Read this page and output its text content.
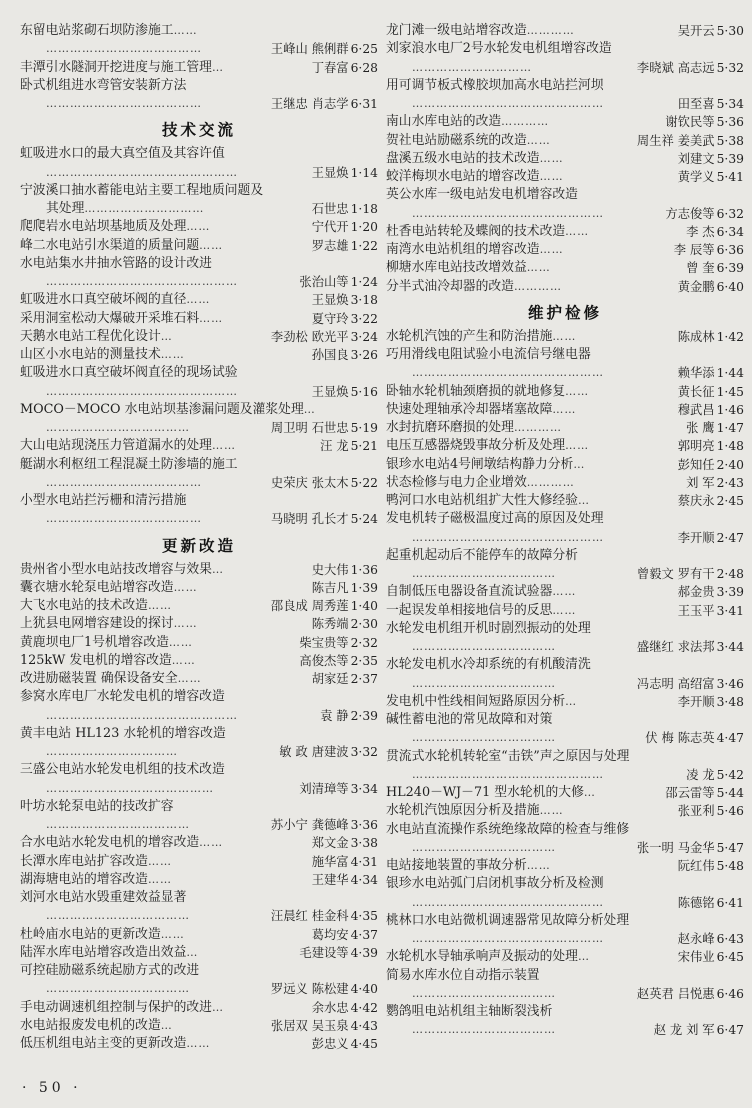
东留电站浆砌石坝防渗施工……
…………………………………	王峰山 熊俐群 6·25
丰潭引水隧洞开挖进度与施工管理…	丁春富 6·28
卧式机组进水弯管安装新方法
…………………………………	王继忠 肖志学 6·31
技术交流
虹吸进水口的最大真空值及其容许值
…………………………………………	王显焕 1·14
宁波溪口抽水蓄能电站主要工程地质问题及
其处理…………………………	石世忠 1·18
爬爬岩水电站坝基地质及处理……	宁代开 1·20
峰二水电站引水渠道的质量问题……	罗志雄 1·22
水电站集水井抽水管路的设计改进
…………………………………………	张治山等 1·24
虹吸进水口真空破坏阀的直径……	王显焕 3·18
采用洞室松动大爆破开采堆石料……	夏守玲 3·22
天鹅水电站工程优化设计…	李劲松 欧光平 3·24
山区小水电站的测量技术……	孙国良 3·26
虹吸进水口真空破坏阀直径的现场试验
…………………………………………	王显焕 5·16
MOCO－MOCO 水电站坝基渗漏问题及灌浆处理…
………………………………	周卫明 石世忠 5·19
大山电站现浇压力管道漏水的处理……	汪 龙 5·21
艇湖水利枢纽工程混凝土防渗墙的施工
…………………………………	史荣庆 张太木 5·22
小型水电站拦污栅和清污措施
…………………………………	马晓明 孔长才 5·24
更新改造
贵州省小型水电站技改增容与效果…	史大伟 1·36
囊衣塘水轮泵电站增容改造……	陈吉凡 1·39
大飞水电站的技术改造……	邵良成 周秀莲 1·40
上犹县电网增容建设的探讨……	陈秀端 2·30
黄鹿坝电厂1号机增容改造……	柴宝贵等 2·32
125kW 发电机的增容改造……	高俊杰等 2·35
改进励磁装置 确保设备安全……	胡家廷 2·37
参窝水库电厂水轮发电机的增容改造
…………………………………………	袁 静 2·39
黄丰电站 HL123 水轮机的增容改造
……………………………	敏 政 唐建波 3·32
三盛公电站水轮发电机组的技术改造
……………………………………	刘清璋等 3·34
叶坊水轮泵电站的技改扩容
………………………………	苏小宁 龚德峰 3·36
合水电站水轮发电机的增容改造……	郑文金 3·38
长潭水库电站扩容改造……	施华富 4·31
湖海塘电站的增容改造……	王建华 4·34
刘河水电站水毁重建效益显著
………………………………	汪晨红 桂金科 4·35
杜岭庙水电站的更新改造……	葛均安 4·37
陆浑水库电站增容改造出效益…	毛建设等 4·39
可控硅励磁系统起励方式的改进
………………………………	罗远义 陈松建 4·40
手电动调速机组控制与保护的改进…	余水忠 4·42
水电站报废发电机的改造…	张居双 吴玉泉 4·43
低压机组电站主变的更新改造……	彭忠义 4·45
龙门滩一级电站增容改造…………	吴开云 5·30
刘家浪水电厂2号水轮发电机组增容改造
…………………………	李晓斌 高志远 5·32
用可调节板式橡胶坝加高水电站拦河坝
…………………………………………	田至喜 5·34
南山水库电站的改造…………	谢钦民等 5·36
贺社电站励磁系统的改造……	周生祥 姜美武 5·38
盘溪五级水电站的技术改造……	刘建文 5·39
蛟洋梅坝水电站的增容改造……	黄学义 5·41
英公水库一级电站发电机增容改造
…………………………………………	方志俊等 6·32
杜香电站转轮及蝶阀的技术改造……	李 杰 6·34
南湾水电站机组的增容改造……	李 辰等 6·36
柳塘水库电站技改增效益……	曾 奎 6·39
分半式油冷却器的改造…………	黄金鹏 6·40
维护检修
水轮机汽蚀的产生和防治措施……	陈成林 1·42
巧用滑线电阻试验小电流信号继电器
…………………………………………	赖华添 1·44
卧轴水轮机轴颈磨损的就地修复……	黄长征 1·45
快速处理轴承冷却器堵塞故障……	穆武昌 1·46
水封抗磨环磨损的处理…………	张 鹰 1·47
电压互感器烧毁事故分析及处理……	郭明亮 1·48
银珍水电站4号闸墩结构静力分析…	彭知任 2·40
状态检修与电力企业增效…………	刘 军 2·43
鸭河口水电站机组扩大性大修经验…	蔡庆永 2·45
发电机转子磁极温度过高的原因及处理
…………………………………………	李开顺 2·47
起重机起动后不能停车的故障分析
………………………………	曾毅文 罗有干 2·48
自制低压电器设备直流试验器……	郝金贵 3·39
一起误发单相接地信号的反思……	王玉平 3·41
水轮发电机组开机时剧烈振动的处理
………………………………	盛继红 求法邦 3·44
水轮发电机水冷却系统的有机酸清洗
………………………………	冯志明 高绍富 3·46
发电机中性线相间短路原因分析…	李开顺 3·48
碱性蓄电池的常见故障和对策
………………………………	伏 梅 陈志英 4·47
贯流式水轮机转轮室“击铁”声之原因与处理
…………………………………………	凌 龙 5·42
HL240－WJ－71 型水轮机的大修…	邵云雷等 5·44
水轮机汽蚀原因分析及措施……	张亚利 5·46
水电站直流操作系统绝缘故障的检查与维修
………………………………	张一明 马金华 5·47
电站接地装置的事故分析……	阮红伟 5·48
银珍水电站弧门启闭机事故分析及检测
…………………………………………	陈德铭 6·41
桃林口水电站微机调速器常见故障分析处理
…………………………………………	赵永峰 6·43
水轮机水导轴承响声及振动的处理…	宋伟业 6·45
简易水库水位自动指示装置
………………………………	赵英君 吕悦惠 6·46
鹦鸽咀电站机组主轴断裂浅析
………………………………	赵 龙 刘 军 6·47
· 50 ·
